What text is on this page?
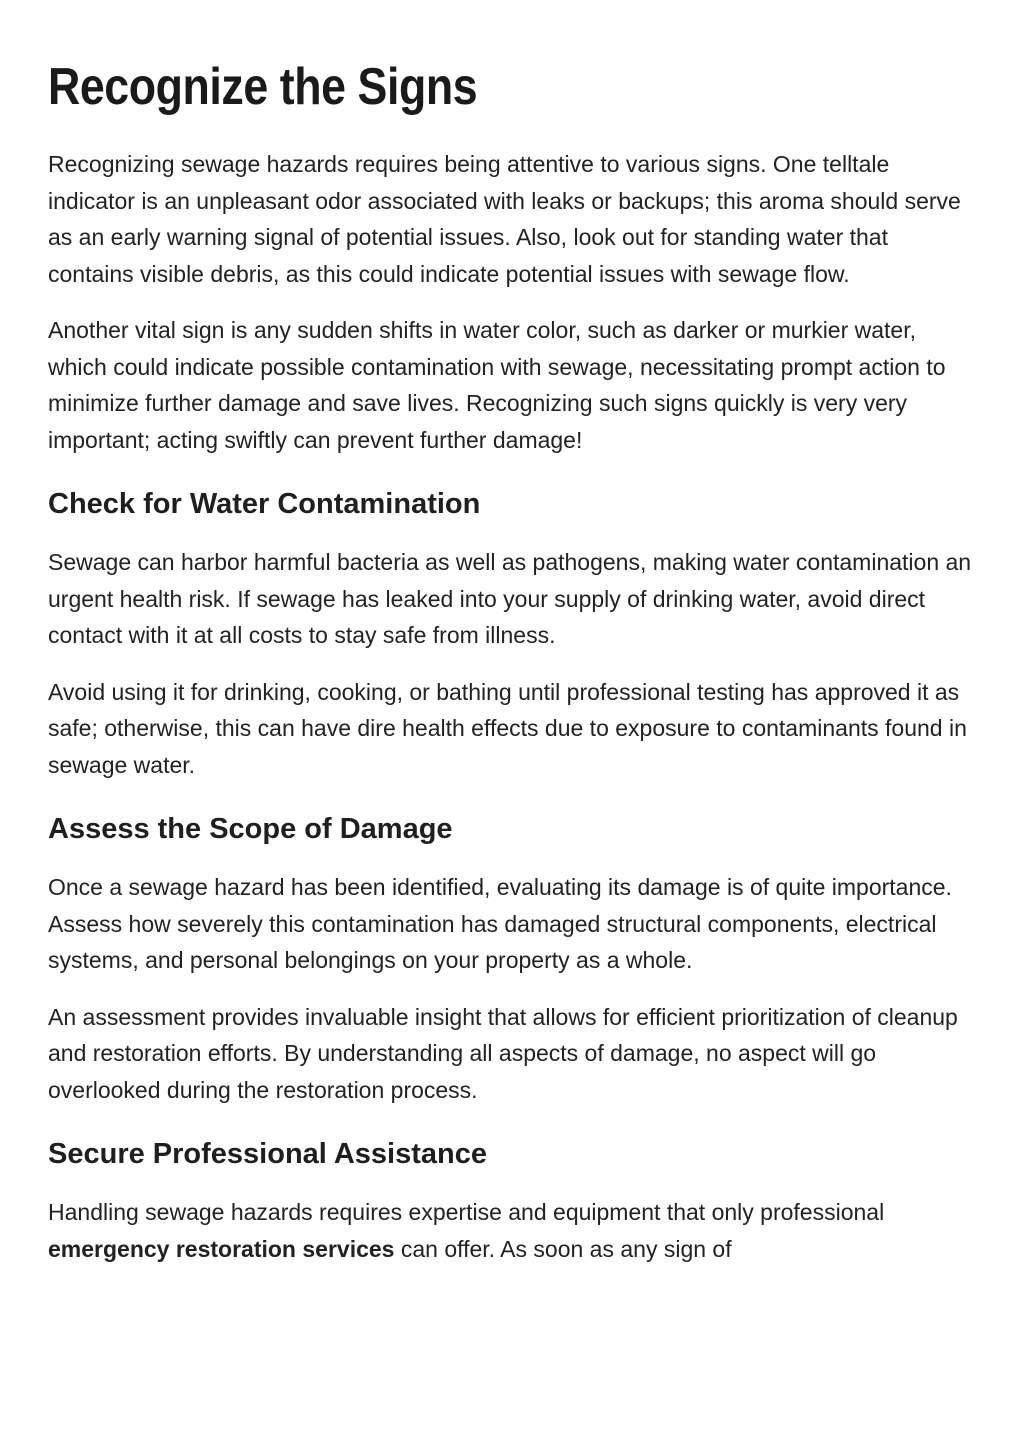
Recognize the Signs

Recognizing sewage hazards requires being attentive to various signs. One telltale indicator is an unpleasant odor associated with leaks or backups; this aroma should serve as an early warning signal of potential issues. Also, look out for standing water that contains visible debris, as this could indicate potential issues with sewage flow.

Another vital sign is any sudden shifts in water color, such as darker or murkier water, which could indicate possible contamination with sewage, necessitating prompt action to minimize further damage and save lives. Recognizing such signs quickly is very very important; acting swiftly can prevent further damage!

Check for Water Contamination

Sewage can harbor harmful bacteria as well as pathogens, making water contamination an urgent health risk. If sewage has leaked into your supply of drinking water, avoid direct contact with it at all costs to stay safe from illness.

Avoid using it for drinking, cooking, or bathing until professional testing has approved it as safe; otherwise, this can have dire health effects due to exposure to contaminants found in sewage water.

Assess the Scope of Damage

Once a sewage hazard has been identified, evaluating its damage is of quite importance. Assess how severely this contamination has damaged structural components, electrical systems, and personal belongings on your property as a whole.

An assessment provides invaluable insight that allows for efficient prioritization of cleanup and restoration efforts. By understanding all aspects of damage, no aspect will go overlooked during the restoration process.

Secure Professional Assistance

Handling sewage hazards requires expertise and equipment that only professional emergency restoration services can offer. As soon as any sign of
